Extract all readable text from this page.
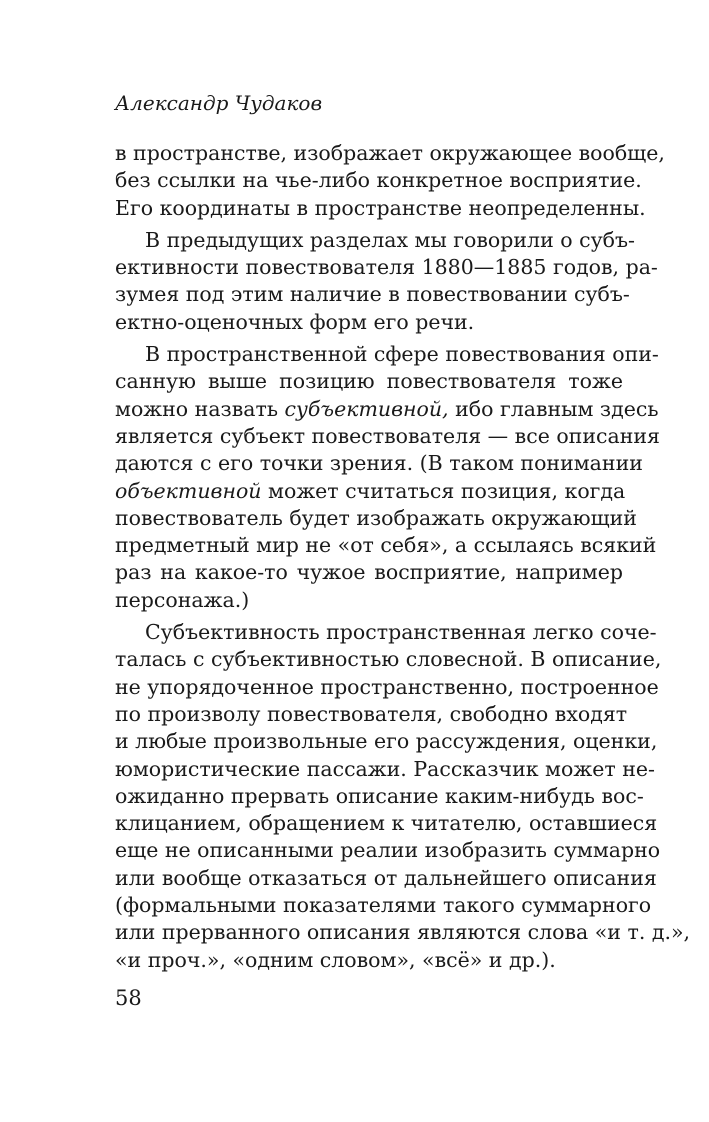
Александр Чудаков

в пространстве, изображает окружающее вообще,
без ссылки на чье-либо конкретное восприятие.
Его координаты в пространстве неопределенны.

В предыдущих разделах мы говорили о субъ-
ективности повествователя 1880—1885 годов, ра-
зумея под этим наличие в повествовании субъ-
ектно-оценочных форм его речи.

В пространственной сфере повествования опи-
санную выше позицию повествователя тоже
можно назвать субъективной, ибо главным здесь
является субъект повествователя — все описания
даются с его точки зрения. (В таком понимании
объективной может считаться позиция, когда
повествователь будет изображать окружающий
предметный мир не «от себя», а ссылаясь всякий
раз на какое-то чужое восприятие, например
персонажа.)

Субъективность пространственная легко соче-
талась с субъективностью словесной. В описание,
не упорядоченное пространственно, построенное
по произволу повествователя, свободно входят
и любые произвольные его рассуждения, оценки,
юмористические пассажи. Рассказчик может не-
ожиданно прервать описание каким-нибудь вос-
клицанием, обращением к читателю, оставшиеся
еще не описанными реалии изобразить суммарно
или вообще отказаться от дальнейшего описания
(формальными показателями такого суммарного
или прерванного описания являются слова «и т. д.»,
«и проч.», «одним словом», «всё» и др.).

58
